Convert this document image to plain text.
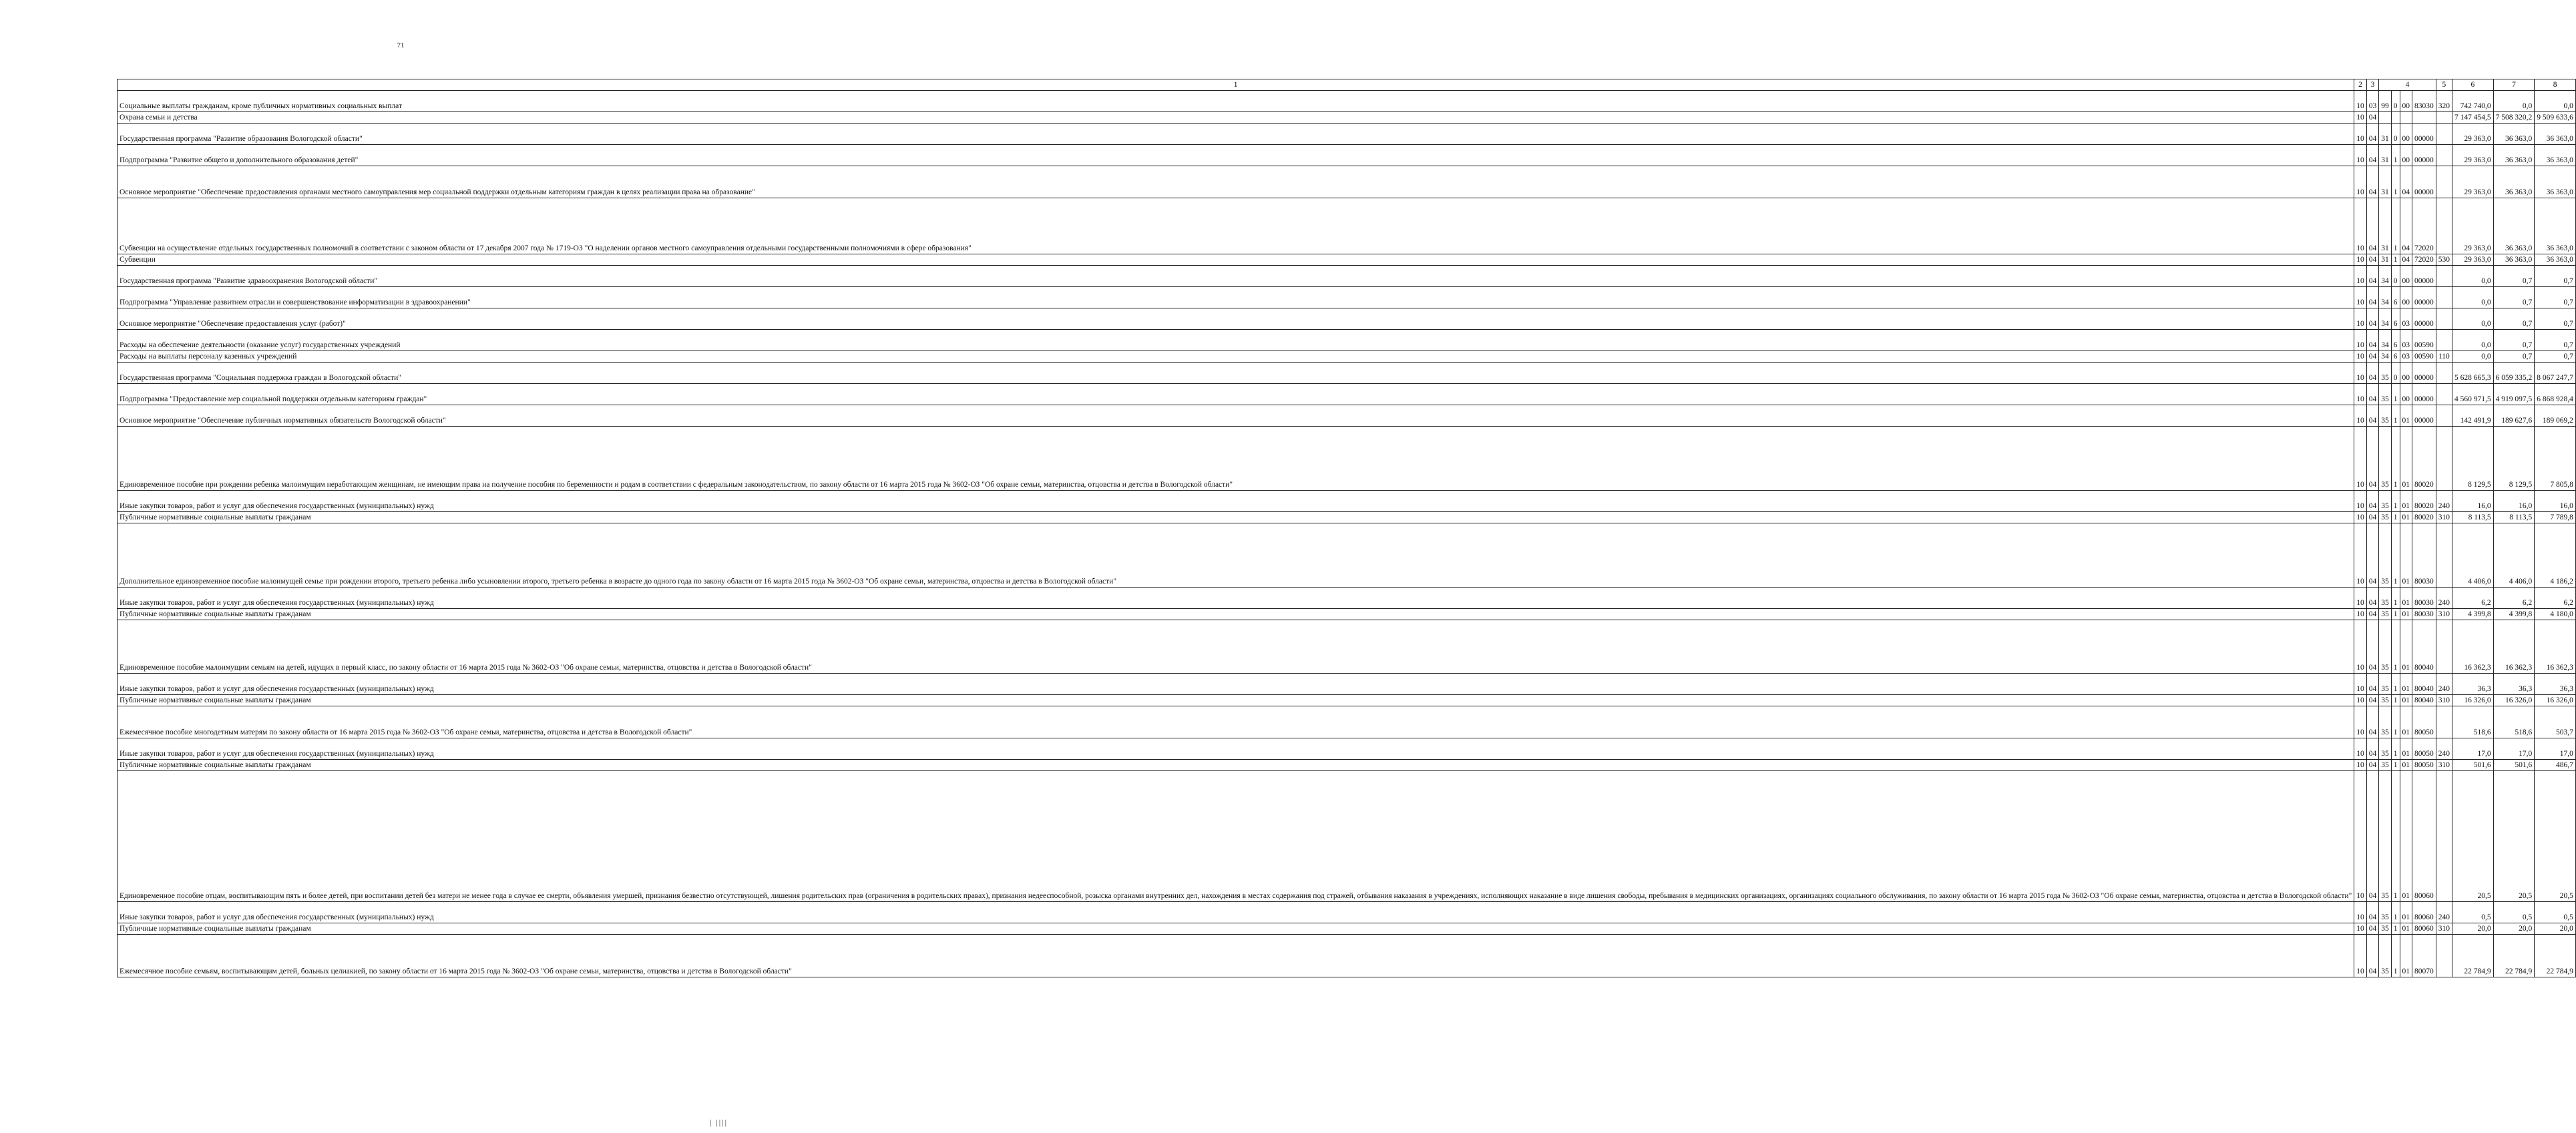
71
1	2	3	4				5	6	7	8
Социальные выплаты гражданам, кроме публичных нормативных социальных выплат	10	03	99	0	00	83030	320	742 740,0	0,0	0,0
Охрана семьи и детства	10	04						7 147 454,5	7 508 320,2	9 509 633,6
Государственная программа "Развитие образования Вологодской области"	10	04	31	0	00	00000		29 363,0	36 363,0	36 363,0
Подпрограмма "Развитие общего и дополнительного образования детей"	10	04	31	1	00	00000		29 363,0	36 363,0	36 363,0
Основное мероприятие "Обеспечение предоставления органами местного самоуправления мер социальной поддержки отдельным категориям граждан в целях реализации права на образование"	10	04	31	1	04	00000		29 363,0	36 363,0	36 363,0
Субвенции на осуществление отдельных государственных полномочий в соответствии с законом области от 17 декабря 2007 года № 1719-ОЗ "О наделении органов местного самоуправления отдельными государственными полномочиями в сфере образования"	10	04	31	1	04	72020		29 363,0	36 363,0	36 363,0
Субвенции	10	04	31	1	04	72020	530	29 363,0	36 363,0	36 363,0
Государственная программа "Развитие здравоохранения Вологодской области"	10	04	34	0	00	00000		0,0	0,7	0,7
Подпрограмма "Управление развитием отрасли и совершенствование информатизации в здравоохранении"	10	04	34	6	00	00000		0,0	0,7	0,7
Основное мероприятие "Обеспечение предоставления услуг (работ)"	10	04	34	6	03	00000		0,0	0,7	0,7
Расходы на обеспечение деятельности (оказание услуг) государственных учреждений	10	04	34	6	03	00590		0,0	0,7	0,7
Расходы на выплаты персоналу казенных учреждений	10	04	34	6	03	00590	110	0,0	0,7	0,7
Государственная программа "Социальная поддержка граждан в Вологодской области"	10	04	35	0	00	00000		5 628 665,3	6 059 335,2	8 067 247,7
Подпрограмма "Предоставление мер социальной поддержки отдельным категориям граждан"	10	04	35	1	00	00000		4 560 971,5	4 919 097,5	6 868 928,4
Основное мероприятие "Обеспечение публичных нормативных обязательств Вологодской области"	10	04	35	1	01	00000		142 491,9	189 627,6	189 069,2
Единовременное пособие при рождении ребенка малоимущим неработающим женщинам, не имеющим права на получение пособия по беременности и родам в соответствии с федеральным законодательством, по закону области от 16 марта 2015 года № 3602-ОЗ "Об охране семьи, материнства, отцовства и детства в Вологодской области"	10	04	35	1	01	80020		8 129,5	8 129,5	7 805,8
Иные закупки товаров, работ и услуг для обеспечения государственных (муниципальных) нужд	10	04	35	1	01	80020	240	16,0	16,0	16,0
Публичные нормативные социальные выплаты гражданам	10	04	35	1	01	80020	310	8 113,5	8 113,5	7 789,8
Дополнительное единовременное пособие малоимущей семье при рождении второго, третьего ребенка либо усыновлении второго, третьего ребенка в возрасте до одного года по закону области от 16 марта 2015 года № 3602-ОЗ "Об охране семьи, материнства, отцовства и детства в Вологодской области"	10	04	35	1	01	80030		4 406,0	4 406,0	4 186,2
Иные закупки товаров, работ и услуг для обеспечения государственных (муниципальных) нужд	10	04	35	1	01	80030	240	6,2	6,2	6,2
Публичные нормативные социальные выплаты гражданам	10	04	35	1	01	80030	310	4 399,8	4 399,8	4 180,0
Единовременное пособие малоимущим семьям на детей, идущих в первый класс, по закону области от 16 марта 2015 года № 3602-ОЗ "Об охране семьи, материнства, отцовства и детства в Вологодской области"	10	04	35	1	01	80040		16 362,3	16 362,3	16 362,3
Иные закупки товаров, работ и услуг для обеспечения государственных (муниципальных) нужд	10	04	35	1	01	80040	240	36,3	36,3	36,3
Публичные нормативные социальные выплаты гражданам	10	04	35	1	01	80040	310	16 326,0	16 326,0	16 326,0
Ежемесячное пособие многодетным матерям по закону области от 16 марта 2015 года № 3602-ОЗ "Об охране семьи, материнства, отцовства и детства в Вологодской области"	10	04	35	1	01	80050		518,6	518,6	503,7
Иные закупки товаров, работ и услуг для обеспечения государственных (муниципальных) нужд	10	04	35	1	01	80050	240	17,0	17,0	17,0
Публичные нормативные социальные выплаты гражданам	10	04	35	1	01	80050	310	501,6	501,6	486,7
Единовременное пособие отцам, воспитывающим пять и более детей, при воспитании детей без матери не менее года в случае ее смерти, объявления умершей, признания безвестно отсутствующей, лишения родительских прав (ограничения в родительских правах), признания недееспособной, розыска органами внутренних дел, нахождения в местах содержания под стражей, отбывания наказания в учреждениях, исполняющих наказание в виде лишения свободы, пребывания в медицинских организациях, организациях социального обслуживания, по закону области от 16 марта 2015 года № 3602-ОЗ "Об охране семьи, материнства, отцовства и детства в Вологодской области"	10	04	35	1	01	80060		20,5	20,5	20,5
Иные закупки товаров, работ и услуг для обеспечения государственных (муниципальных) нужд	10	04	35	1	01	80060	240	0,5	0,5	0,5
Публичные нормативные социальные выплаты гражданам	10	04	35	1	01	80060	310	20,0	20,0	20,0
Ежемесячное пособие семьям, воспитывающим детей, больных целиакией, по закону области от 16 марта 2015 года № 3602-ОЗ "Об охране семьи, материнства, отцовства и детства в Вологодской области"	10	04	35	1	01	80070		22 784,9	22 784,9	22 784,9
| ||||
